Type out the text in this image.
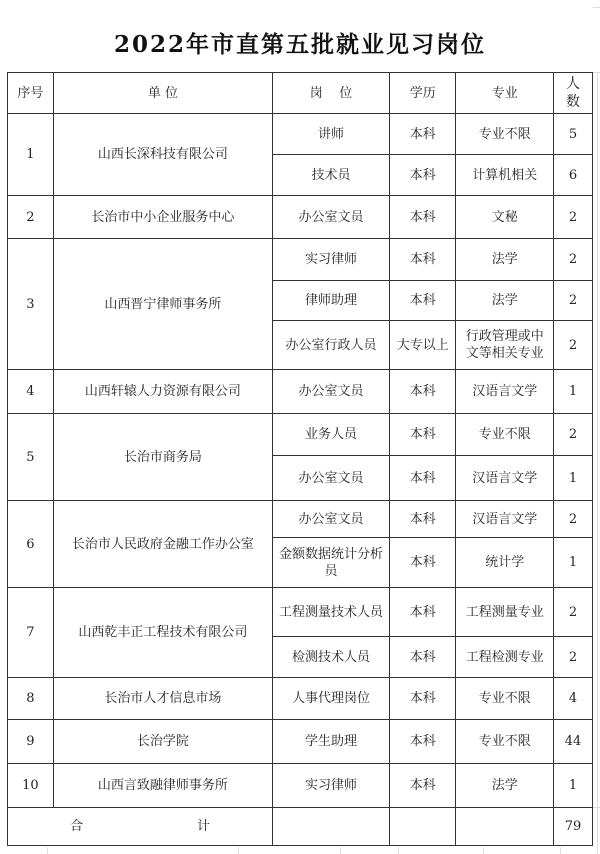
2022年市直第五批就业见习岗位
序号	单 位	岗    位	学历	专业	人
数
1	山西长深科技有限公司	讲师	本科	专业不限	5
		技术员	本科	计算机相关	6
2	长治市中小企业服务中心	办公室文员	本科	文秘	2
3	山西晋宁律师事务所	实习律师	本科	法学	2
		律师助理	本科	法学	2
		办公室行政人员	大专以上	行政管理或中文等相关专业	2
4	山西轩辕人力资源有限公司	办公室文员	本科	汉语言文学	1
5	长治市商务局	业务人员	本科	专业不限	2
		办公室文员	本科	汉语言文学	1
6	长治市人民政府金融工作办公室	办公室文员	本科	汉语言文学	2
		金额数据统计分析员	本科	统计学	1
7	山西乾丰正工程技术有限公司	工程测量技术人员	本科	工程测量专业	2
		检测技术人员	本科	工程检测专业	2
8	长治市人才信息市场	人事代理岗位	本科	专业不限	4
9	长治学院	学生助理	本科	专业不限	44
10	山西言致融律师事务所	实习律师	本科	法学	1

合 计					79
